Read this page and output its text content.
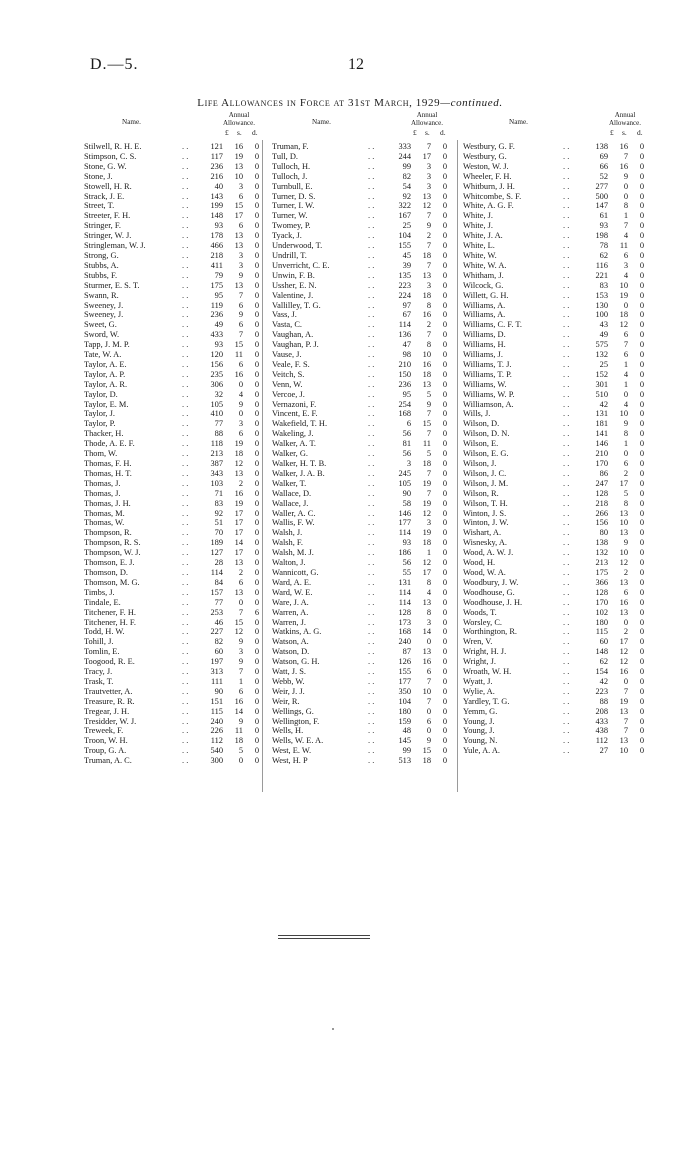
D.—5.	12
Life Allowances in Force at 31st March, 1929—continued.
Name.
Annual Allowance.
£ s. d.
Stilwell, R. H. E.	. .	121	16	0
Stimpson, C. S.	. .	117	19	0
Stone, G. W.	. .	236	13	0
Stone, J.	. .	216	10	0
Stowell, H. R.	. .	40	3	0
Strack, J. E.	. .	143	6	0
Street, T.	. .	199	15	0
Streeter, F. H.	. .	148	17	0
Stringer, F.	. .	93	6	0
Stringer, W. J.	. .	178	13	0
Stringleman, W. J.	. .	466	13	0
Strong, G.	. .	218	3	0
Stubbs, A.	. .	411	3	0
Stubbs, F.	. .	79	9	0
Sturmer, E. S. T.	. .	175	13	0
Swann, R.	. .	95	7	0
Sweeney, J.	. .	119	6	0
Sweeney, J.	. .	236	9	0
Sweet, G.	. .	49	6	0
Sword, W.	. .	433	7	0
Tapp, J. M. P.	. .	93	15	0
Tate, W. A.	. .	120	11	0
Taylor, A. E.	. .	156	6	0
Taylor, A. P.	. .	235	16	0
Taylor, A. R.	. .	306	0	0
Taylor, D.	. .	32	4	0
Taylor, E. M.	. .	105	9	0
Taylor, J.	. .	410	0	0
Taylor, P.	. .	77	3	0
Thacker, H.	. .	88	6	0
Thode, A. E. F.	. .	118	19	0
Thom, W.	. .	213	18	0
Thomas, F. H.	. .	387	12	0
Thomas, H. T.	. .	343	13	0
Thomas, J.	. .	103	2	0
Thomas, J.	. .	71	16	0
Thomas, J. H.	. .	83	19	0
Thomas, M.	. .	92	17	0
Thomas, W.	. .	51	17	0
Thompson, R.	. .	70	17	0
Thompson, R. S.	. .	189	14	0
Thompson, W. J.	. .	127	17	0
Thomson, E. J.	. .	28	13	0
Thomson, D.	. .	114	2	0
Thomson, M. G.	. .	84	6	0
Timbs, J.	. .	157	13	0
Tindale, E.	. .	77	0	0
Titchener, F. H.	. .	253	7	6
Titchener, H. F.	. .	46	15	0
Todd, H. W.	. .	227	12	0
Tohill, J.	. .	82	9	0
Tomlin, E.	. .	60	3	0
Toogood, R. E.	. .	197	9	0
Tracy, J.	. .	313	7	0
Trask, T.	. .	111	1	0
Trautvetter, A.	. .	90	6	0
Treasure, R. R.	. .	151	16	0
Tregear, J. H.	. .	115	14	0
Tresidder, W. J.	. .	240	9	0
Treweek, F.	. .	226	11	0
Troon, W. H.	. .	112	18	0
Troup, G. A.	. .	540	5	0
Truman, A. C.	. .	300	0	0
Name.
Annual Allowance.
£ s. d.
Truman, F.	. .	333	7	0
Tull, D.	. .	244	17	0
Tulloch, H.	. .	99	3	0
Tulloch, J.	. .	82	3	0
Turnbull, E.	. .	54	3	0
Turner, D. S.	. .	92	13	0
Turner, I. W.	. .	322	12	0
Turner, W.	. .	167	7	0
Twomey, P.	. .	25	9	0
Tyack, J.	. .	104	2	0
Underwood, T.	. .	155	7	0
Undrill, T.	. .	45	18	0
Unverricht, C. E.	. .	39	7	0
Unwin, F. B.	. .	135	13	0
Ussher, E. N.	. .	223	3	0
Valentine, J.	. .	224	18	0
Vallilley, T. G.	. .	97	8	0
Vass, J.	. .	67	16	0
Vasta, C.	. .	114	2	0
Vaughan, A.	. .	136	7	0
Vaughan, P. J.	. .	47	8	0
Vause, J.	. .	98	10	0
Veale, F. S.	. .	210	16	0
Veitch, S.	. .	150	18	0
Venn, W.	. .	236	13	0
Vercoe, J.	. .	95	5	0
Vernazoni, F.	. .	254	9	0
Vincent, E. F.	. .	168	7	0
Wakefield, T. H.	. .	6	15	0
Wakeling, J.	. .	56	7	0
Walker, A. T.	. .	81	11	0
Walker, G.	. .	56	5	0
Walker, H. T. B.	. .	3	18	0
Walker, J. A. B.	. .	245	7	0
Walker, T.	. .	105	19	0
Wallace, D.	. .	90	7	0
Wallace, J.	. .	58	19	0
Waller, A. C.	. .	146	12	0
Wallis, F. W.	. .	177	3	0
Walsh, J.	. .	114	19	0
Walsh, F.	. .	93	18	0
Walsh, M. J.	. .	186	1	0
Walton, J.	. .	56	12	0
Wannicott, G.	. .	55	17	0
Ward, A. E.	. .	131	8	0
Ward, W. E.	. .	114	4	0
Ware, J. A.	. .	114	13	0
Warren, A.	. .	128	8	0
Warren, J.	. .	173	3	0
Watkins, A. G.	. .	168	14	0
Watson, A.	. .	240	0	0
Watson, D.	. .	87	13	0
Watson, G. H.	. .	126	16	0
Watt, J. S.	. .	155	6	0
Webb, W.	. .	177	7	0
Weir, J. J.	. .	350	10	0
Weir, R.	. .	104	7	0
Wellings, G.	. .	180	0	0
Wellington, F.	. .	159	6	0
Wells, H.	. .	48	0	0
Wells, W. E. A.	. .	145	9	0
West, E. W.	. .	99	15	0
West, H. P	. .	513	18	0
Name.
Annual Allowance.
£ s. d.
Westbury, G. F.	. .	138	16	0
Westbury, G.	. .	69	7	0
Weston, W. J.	. .	66	16	0
Wheeler, F. H.	. .	52	9	0
Whitburn, J. H.	. .	277	0	0
Whitcombe, S. F.	. .	500	0	0
White, A. G. F.	. .	147	8	0
White, J.	. .	61	1	0
White, J.	. .	93	7	0
White, J. A.	. .	198	4	0
White, L.	. .	78	11	0
White, W.	. .	62	6	0
White, W. A.	. .	116	3	0
Whitham, J.	. .	221	4	0
Wilcock, G.	. .	83	10	0
Willett, G. H.	. .	153	19	0
Williams, A.	. .	130	0	0
Williams, A.	. .	100	18	0
Williams, C. F. T.	. .	43	12	0
Williams, D.	. .	49	6	0
Williams, H.	. .	575	7	0
Williams, J.	. .	132	6	0
Williams, T. J.	. .	25	1	0
Williams, T. P.	. .	152	4	0
Williams, W.	. .	301	1	0
Williams, W. P.	. .	510	0	0
Williamson, A.	. .	42	4	0
Wills, J.	. .	131	10	0
Wilson, D.	. .	181	9	0
Wilson, D. N.	. .	141	8	0
Wilson, E.	. .	146	1	0
Wilson, E. G.	. .	210	0	0
Wilson, J.	. .	170	6	0
Wilson, J. C.	. .	86	2	0
Wilson, J. M.	. .	247	17	0
Wilson, R.	. .	128	5	0
Wilson, T. H.	. .	218	8	0
Winton, J. S.	. .	266	13	0
Winton, J. W.	. .	156	10	0
Wishart, A.	. .	80	13	0
Wisnesky, A.	. .	138	9	0
Wood, A. W. J.	. .	132	10	0
Wood, H.	. .	213	12	0
Wood, W. A.	. .	175	2	0
Woodbury, J. W.	. .	366	13	0
Woodhouse, G.	. .	128	6	0
Woodhouse, J. H.	. .	170	16	0
Woods, T.	. .	102	13	0
Worsley, C.	. .	180	0	0
Worthington, R.	. .	115	2	0
Wren, V.	. .	60	17	0
Wright, H. J.	. .	148	12	0
Wright, J.	. .	62	12	0
Wroath, W. H.	. .	154	16	0
Wyatt, J.	. .	42	0	0
Wylie, A.	. .	223	7	0
Yardley, T. G.	. .	88	19	0
Yemm, G.	. .	208	13	0
Young, J.	. .	433	7	0
Young, J.	. .	438	7	0
Young, N.	. .	112	13	0
Yule, A. A.	. .	27	10	0
